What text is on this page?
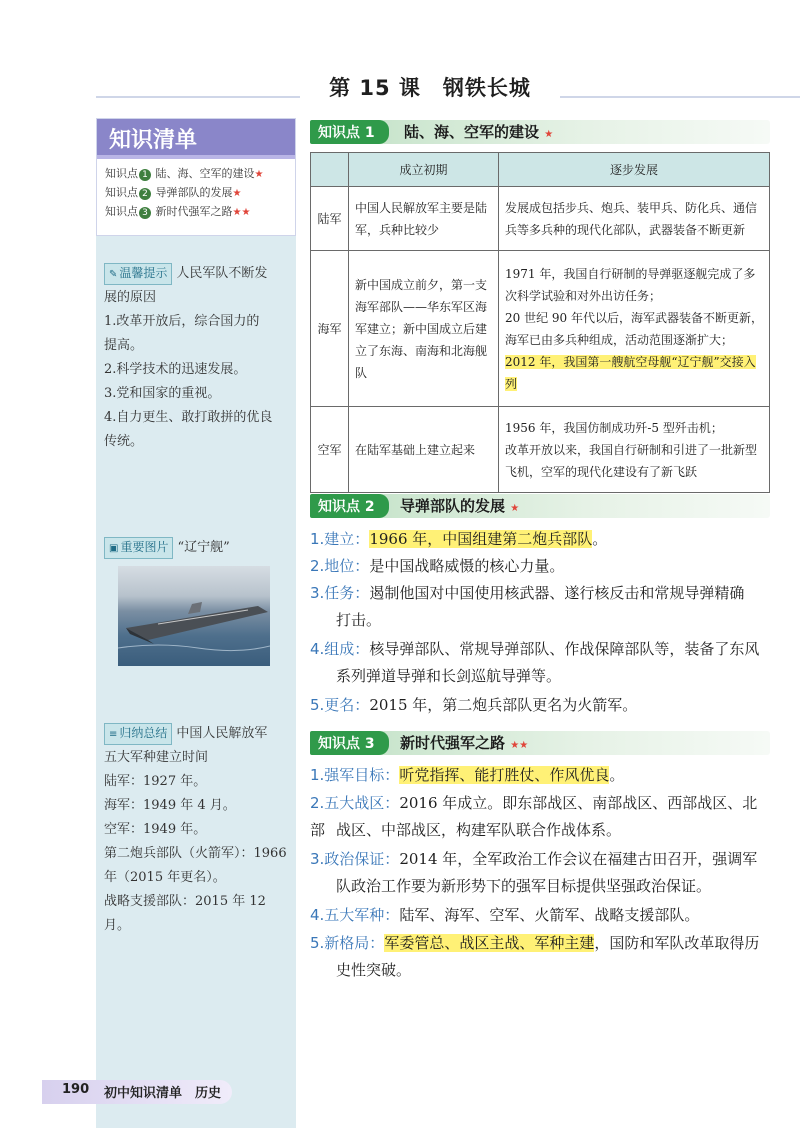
第 15 课　钢铁长城
知识清单
知识点 1 陆、海、空军的建设★
知识点 2 导弹部队的发展★
知识点 3 新时代强军之路★★
✎ 温馨提示 人民军队不断发
展的原因
1.改革开放后，综合国力的
提高。
2.科学技术的迅速发展。
3.党和国家的重视。
4.自力更生、敢打敢拼的优良
传统。
▣ 重要图片 “辽宁舰”
≡ 归纳总结 中国人民解放军
五大军种建立时间
陆军：1927 年。
海军：1949 年 4 月。
空军：1949 年。
第二炮兵部队（火箭军）：1966
年（2015 年更名）。
战略支援部队：2015 年 12 月。
知识点 1	陆、海、空军的建设 ★
	成立初期	逐步发展
陆军	中国人民解放军主要是陆军，兵种比较少	发展成包括步兵、炮兵、装甲兵、防化兵、通信兵等多兵种的现代化部队，武器装备不断更新

海军	新中国成立前夕，第一支海军部队——华东军区海军建立；新中国成立后建立了东海、南海和北海舰队	1971 年，我国自行研制的导弹驱逐舰完成了多次科学试验和对外出访任务；
20 世纪 90 年代以后，海军武器装备不断更新，海军已由多兵种组成，活动范围逐渐扩大；
2012 年，我国第一艘航空母舰“辽宁舰”交接入列

空军	在陆军基础上建立起来	1956 年，我国仿制成功歼-5 型歼击机；
改革开放以来，我国自行研制和引进了一批新型飞机，空军的现代化建设有了新飞跃
知识点 2	导弹部队的发展 ★
1.建立：1966 年，中国组建第二炮兵部队。
2.地位：是中国战略威慑的核心力量。
3.任务：遏制他国对中国使用核武器、遂行核反击和常规导弹精确
打击。
4.组成：核导弹部队、常规导弹部队、作战保障部队等，装备了东风
系列弹道导弹和长剑巡航导弹等。
5.更名：2015 年，第二炮兵部队更名为火箭军。
知识点 3	新时代强军之路 ★★
1.强军目标：听党指挥、能打胜仗、作风优良。
2.五大战区：2016 年成立。即东部战区、南部战区、西部战区、北部 战区、中部战区，构建军队联合作战体系。
3.政治保证：2014 年，全军政治工作会议在福建古田召开，强调军
队政治工作要为新形势下的强军目标提供坚强政治保证。
4.五大军种：陆军、海军、空军、火箭军、战略支援部队。
5.新格局：军委管总、战区主战、军种主建，国防和军队改革取得历
史性突破。
190 初中知识清单　历史
